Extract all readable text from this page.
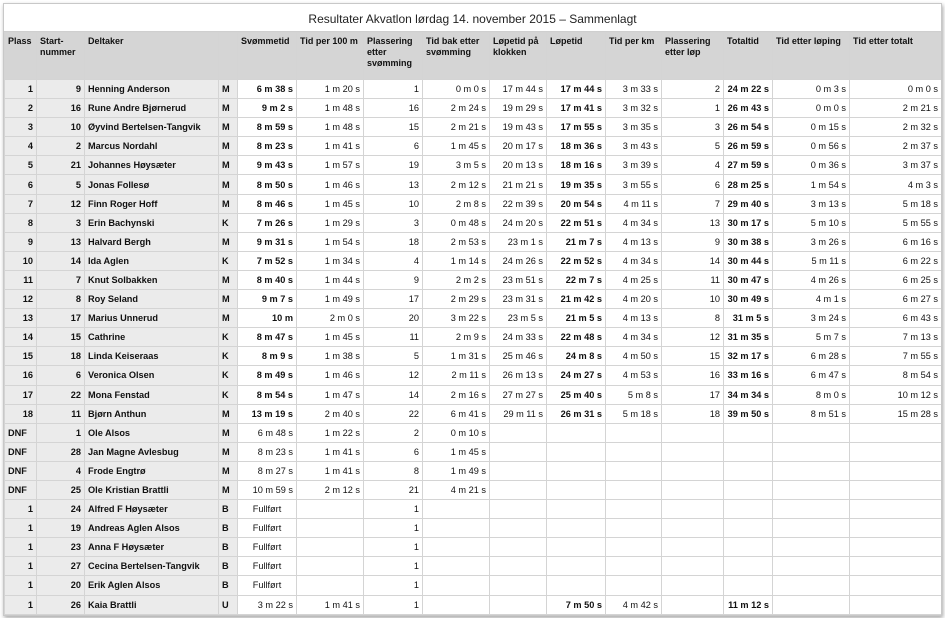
Resultater Akvatlon lørdag 14. november 2015 – Sammenlagt
Plass	Start-nummer	Deltaker		Svømmetid	Tid per 100 m	Plassering etter svømming	Tid bak etter svømming	Løpetid på klokken	Løpetid	Tid per km	Plassering etter løp	Totaltid	Tid etter løping	Tid etter totalt
1	9	Henning Anderson	M	6 m 38 s	1 m 20 s	1	0 m 0 s	17 m 44 s	17 m 44 s	3 m 33 s	2	24 m 22 s	0 m 3 s	0 m 0 s
2	16	Rune Andre Bjørnerud	M	9 m 2 s	1 m 48 s	16	2 m 24 s	19 m 29 s	17 m 41 s	3 m 32 s	1	26 m 43 s	0 m 0 s	2 m 21 s
3	10	Øyvind Bertelsen-Tangvik	M	8 m 59 s	1 m 48 s	15	2 m 21 s	19 m 43 s	17 m 55 s	3 m 35 s	3	26 m 54 s	0 m 15 s	2 m 32 s
4	2	Marcus Nordahl	M	8 m 23 s	1 m 41 s	6	1 m 45 s	20 m 17 s	18 m 36 s	3 m 43 s	5	26 m 59 s	0 m 56 s	2 m 37 s
5	21	Johannes Høysæter	M	9 m 43 s	1 m 57 s	19	3 m 5 s	20 m 13 s	18 m 16 s	3 m 39 s	4	27 m 59 s	0 m 36 s	3 m 37 s
6	5	Jonas Follesø	M	8 m 50 s	1 m 46 s	13	2 m 12 s	21 m 21 s	19 m 35 s	3 m 55 s	6	28 m 25 s	1 m 54 s	4 m 3 s
7	12	Finn Roger Hoff	M	8 m 46 s	1 m 45 s	10	2 m 8 s	22 m 39 s	20 m 54 s	4 m 11 s	7	29 m 40 s	3 m 13 s	5 m 18 s
8	3	Erin Bachynski	K	7 m 26 s	1 m 29 s	3	0 m 48 s	24 m 20 s	22 m 51 s	4 m 34 s	13	30 m 17 s	5 m 10 s	5 m 55 s
9	13	Halvard Bergh	M	9 m 31 s	1 m 54 s	18	2 m 53 s	23 m 1 s	21 m 7 s	4 m 13 s	9	30 m 38 s	3 m 26 s	6 m 16 s
10	14	Ida Aglen	K	7 m 52 s	1 m 34 s	4	1 m 14 s	24 m 26 s	22 m 52 s	4 m 34 s	14	30 m 44 s	5 m 11 s	6 m 22 s
11	7	Knut Solbakken	M	8 m 40 s	1 m 44 s	9	2 m 2 s	23 m 51 s	22 m 7 s	4 m 25 s	11	30 m 47 s	4 m 26 s	6 m 25 s
12	8	Roy Seland	M	9 m 7 s	1 m 49 s	17	2 m 29 s	23 m 31 s	21 m 42 s	4 m 20 s	10	30 m 49 s	4 m 1 s	6 m 27 s
13	17	Marius Unnerud	M	10 m	2 m 0 s	20	3 m 22 s	23 m 5 s	21 m 5 s	4 m 13 s	8	31 m 5 s	3 m 24 s	6 m 43 s
14	15	Cathrine	K	8 m 47 s	1 m 45 s	11	2 m 9 s	24 m 33 s	22 m 48 s	4 m 34 s	12	31 m 35 s	5 m 7 s	7 m 13 s
15	18	Linda Keiseraas	K	8 m 9 s	1 m 38 s	5	1 m 31 s	25 m 46 s	24 m 8 s	4 m 50 s	15	32 m 17 s	6 m 28 s	7 m 55 s
16	6	Veronica Olsen	K	8 m 49 s	1 m 46 s	12	2 m 11 s	26 m 13 s	24 m 27 s	4 m 53 s	16	33 m 16 s	6 m 47 s	8 m 54 s
17	22	Mona Fenstad	K	8 m 54 s	1 m 47 s	14	2 m 16 s	27 m 27 s	25 m 40 s	5 m 8 s	17	34 m 34 s	8 m 0 s	10 m 12 s
18	11	Bjørn Anthun	M	13 m 19 s	2 m 40 s	22	6 m 41 s	29 m 11 s	26 m 31 s	5 m 18 s	18	39 m 50 s	8 m 51 s	15 m 28 s
DNF	1	Ole Alsos	M	6 m 48 s	1 m 22 s	2	0 m 10 s							
DNF	28	Jan Magne Avlesbug	M	8 m 23 s	1 m 41 s	6	1 m 45 s							
DNF	4	Frode Engtrø	M	8 m 27 s	1 m 41 s	8	1 m 49 s							
DNF	25	Ole Kristian Brattli	M	10 m 59 s	2 m 12 s	21	4 m 21 s							
1	24	Alfred F Høysæter	B	Fullført		1								
1	19	Andreas Aglen Alsos	B	Fullført		1								
1	23	Anna F Høysæter	B	Fullført		1								
1	27	Cecina Bertelsen-Tangvik	B	Fullført		1								
1	20	Erik Aglen Alsos	B	Fullført		1								
1	26	Kaia Brattli	U	3 m 22 s	1 m 41 s	1			7 m 50 s	4 m 42 s		11 m 12 s		
